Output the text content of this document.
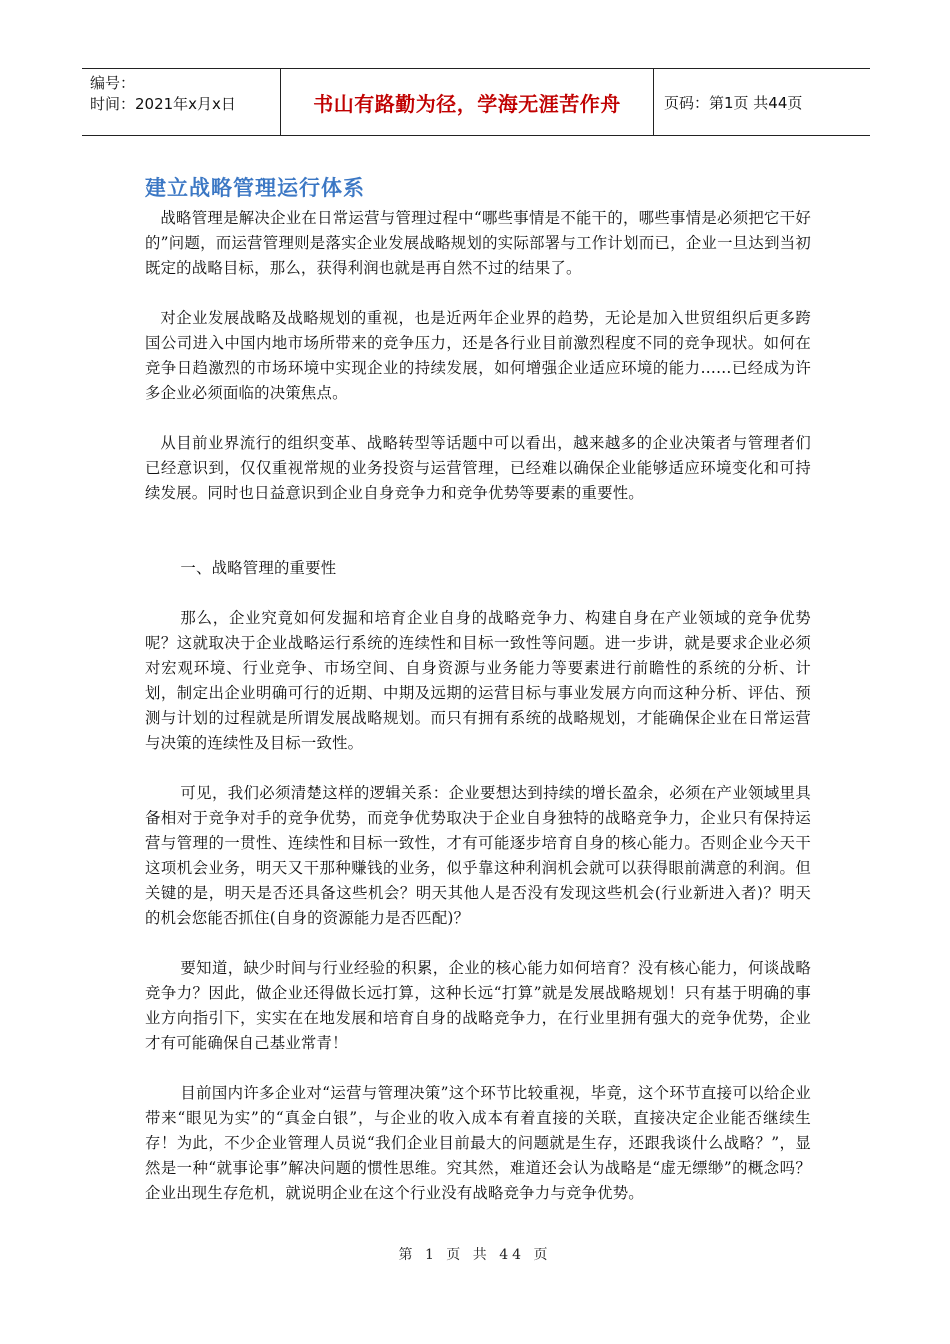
编号：
时间：2021年x月x日	书山有路勤为径，学海无涯苦作舟	页码：第1页 共44页
建立战略管理运行体系

战略管理是解决企业在日常运营与管理过程中“哪些事情是不能干的，哪些事情是必须把它干好的”问题，而运营管理则是落实企业发展战略规划的实际部署与工作计划而已，企业一旦达到当初既定的战略目标，那么，获得利润也就是再自然不过的结果了。

对企业发展战略及战略规划的重视，也是近两年企业界的趋势，无论是加入世贸组织后更多跨国公司进入中国内地市场所带来的竞争压力，还是各行业目前激烈程度不同的竞争现状。如何在竞争日趋激烈的市场环境中实现企业的持续发展，如何增强企业适应环境的能力……已经成为许多企业必须面临的决策焦点。

从目前业界流行的组织变革、战略转型等话题中可以看出，越来越多的企业决策者与管理者们已经意识到，仅仅重视常规的业务投资与运营管理，已经难以确保企业能够适应环境变化和可持续发展。同时也日益意识到企业自身竞争力和竞争优势等要素的重要性。

一、战略管理的重要性

那么，企业究竟如何发掘和培育企业自身的战略竞争力、构建自身在产业领域的竞争优势呢？这就取决于企业战略运行系统的连续性和目标一致性等问题。进一步讲，就是要求企业必须对宏观环境、行业竞争、市场空间、自身资源与业务能力等要素进行前瞻性的系统的分析、计划，制定出企业明确可行的近期、中期及远期的运营目标与事业发展方向而这种分析、评估、预测与计划的过程就是所谓发展战略规划。而只有拥有系统的战略规划，才能确保企业在日常运营与决策的连续性及目标一致性。

可见，我们必须清楚这样的逻辑关系：企业要想达到持续的增长盈余，必须在产业领域里具备相对于竞争对手的竞争优势，而竞争优势取决于企业自身独特的战略竞争力，企业只有保持运营与管理的一贯性、连续性和目标一致性，才有可能逐步培育自身的核心能力。否则企业今天干这项机会业务，明天又干那种赚钱的业务，似乎靠这种利润机会就可以获得眼前满意的利润。但关键的是，明天是否还具备这些机会？明天其他人是否没有发现这些机会(行业新进入者)？明天的机会您能否抓住(自身的资源能力是否匹配)？

要知道，缺少时间与行业经验的积累，企业的核心能力如何培育？没有核心能力，何谈战略竞争力？因此，做企业还得做长远打算，这种长远“打算”就是发展战略规划！只有基于明确的事业方向指引下，实实在在地发展和培育自身的战略竞争力，在行业里拥有强大的竞争优势，企业才有可能确保自己基业常青！

目前国内许多企业对“运营与管理决策”这个环节比较重视，毕竟，这个环节直接可以给企业带来“眼见为实”的“真金白银”，与企业的收入成本有着直接的关联，直接决定企业能否继续生存！为此，不少企业管理人员说“我们企业目前最大的问题就是生存，还跟我谈什么战略？”，显然是一种“就事论事”解决问题的惯性思维。究其然，难道还会认为战略是“虚无缥缈”的概念吗？企业出现生存危机，就说明企业在这个行业没有战略竞争力与竞争优势。

第 1 页 共 44 页
